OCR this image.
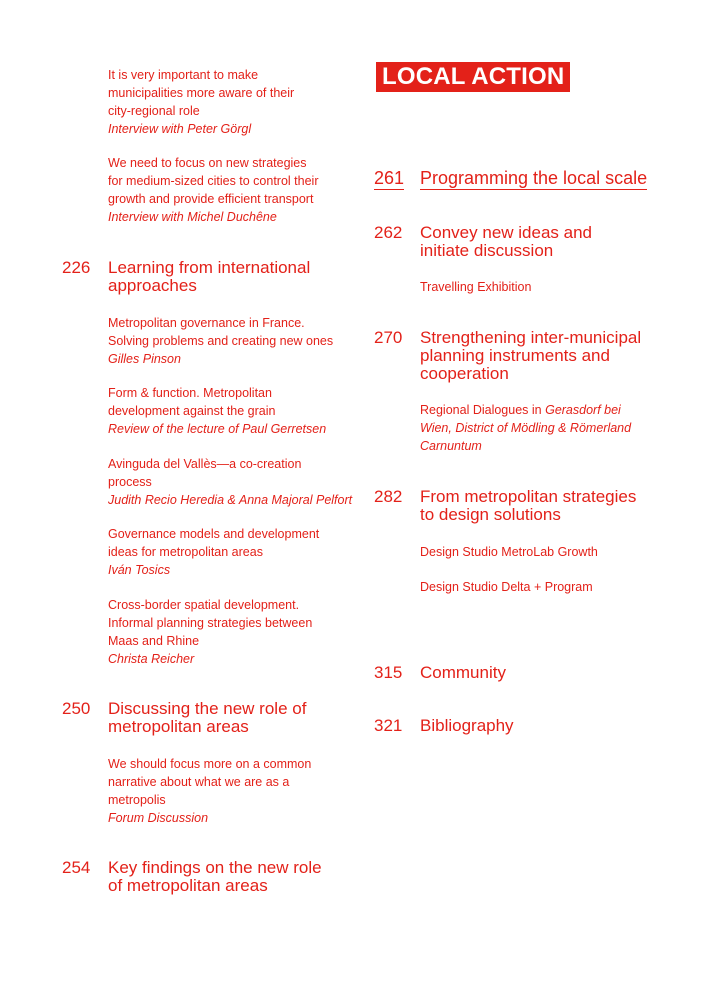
It is very important to make
municipalities more aware of their
city-regional role
Interview with Peter Görgl
We need to focus on new strategies
for medium-sized cities to control their
growth and provide efficient transport
Interview with Michel Duchêne
226 Learning from international
approaches
Metropolitan governance in France.
Solving problems and creating new ones
Gilles Pinson
Form & function. Metropolitan
development against the grain
Review of the lecture of Paul Gerretsen
Avinguda del Vallès—a co-creation
process
Judith Recio Heredia & Anna Majoral Pelfort
Governance models and development
ideas for metropolitan areas
Iván Tosics
Cross-border spatial development.
Informal planning strategies between
Maas and Rhine
Christa Reicher
250 Discussing the new role of
metropolitan areas
We should focus more on a common
narrative about what we are as a
metropolis
Forum Discussion
254 Key findings on the new role
of metropolitan areas
LOCAL ACTION
261 Programming the local scale
262 Convey new ideas and
initiate discussion
Travelling Exhibition
270 Strengthening inter-municipal
planning instruments and
cooperation
Regional Dialogues in Gerasdorf bei
Wien, District of Mödling & Römerland
Carnuntum
282 From metropolitan strategies
to design solutions
Design Studio MetroLab Growth
Design Studio Delta + Program
315 Community
321 Bibliography
